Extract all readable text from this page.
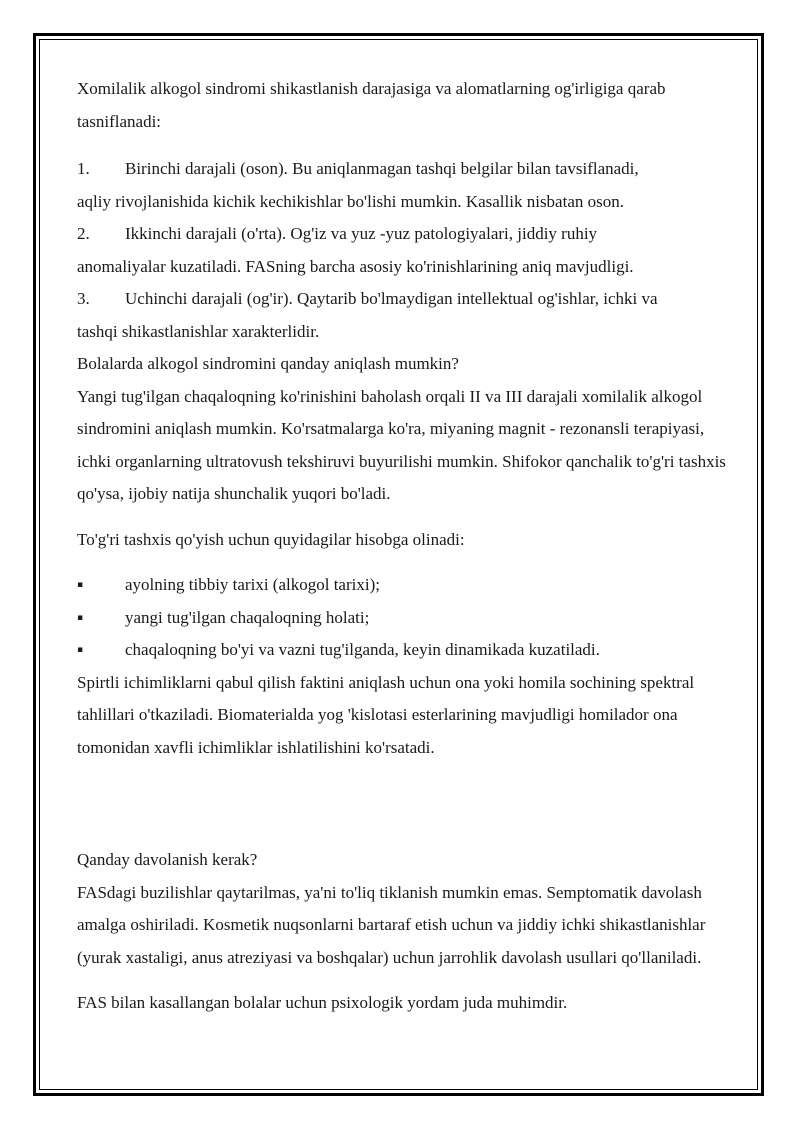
Xomilalik alkogol sindromi shikastlanish darajasiga va alomatlarning og'irligiga qarab tasniflanadi:

1.	Birinchi darajali (oson). Bu aniqlanmagan tashqi belgilar bilan tavsiflanadi,
aqliy rivojlanishida kichik kechikishlar bo'lishi mumkin. Kasallik nisbatan oson.
2.	Ikkinchi darajali (o'rta). Og'iz va yuz -yuz patologiyalari, jiddiy ruhiy
anomaliyalar kuzatiladi. FASning barcha asosiy ko'rinishlarining aniq mavjudligi.
3.	Uchinchi darajali (og'ir). Qaytarib bo'lmaydigan intellektual og'ishlar, ichki va
tashqi shikastlanishlar xarakterlidir.

Bolalarda alkogol sindromini qanday aniqlash mumkin?

Yangi tug'ilgan chaqaloqning ko'rinishini baholash orqali II va III darajali xomilalik alkogol sindromini aniqlash mumkin. Ko'rsatmalarga ko'ra, miyaning magnit - rezonansli terapiyasi, ichki organlarning ultratovush tekshiruvi buyurilishi mumkin. Shifokor qanchalik to'g'ri tashxis qo'ysa, ijobiy natija shunchalik yuqori bo'ladi.

To'g'ri tashxis qo'yish uchun quyidagilar hisobga olinadi:

▪ ayolning tibbiy tarixi (alkogol tarixi);
▪ yangi tug'ilgan chaqaloqning holati;
▪ chaqaloqning bo'yi va vazni tug'ilganda, keyin dinamikada kuzatiladi.

Spirtli ichimliklarni qabul qilish faktini aniqlash uchun ona yoki homila sochining spektral tahlillari o'tkaziladi. Biomaterialda yog 'kislotasi esterlarining mavjudligi homilador ona tomonidan xavfli ichimliklar ishlatilishini ko'rsatadi.

Qanday davolanish kerak?

FASdagi buzilishlar qaytarilmas, ya'ni to'liq tiklanish mumkin emas. Semptomatik davolash amalga oshiriladi. Kosmetik nuqsonlarni bartaraf etish uchun va jiddiy ichki shikastlanishlar (yurak xastaligi, anus atreziyasi va boshqalar) uchun jarrohlik davolash usullari qo'llaniladi.

FAS bilan kasallangan bolalar uchun psixologik yordam juda muhimdir.
